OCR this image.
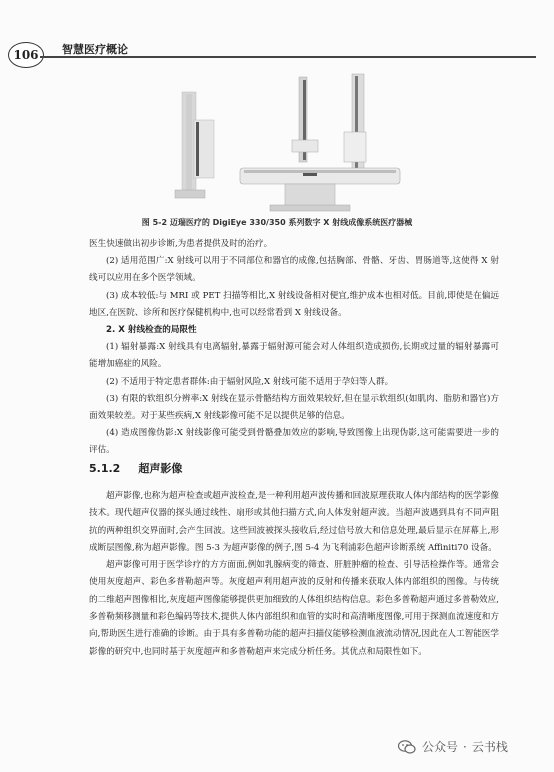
106	智慧医疗概论
图 5-2 迈瑞医疗的 DigiEye 330/350 系列数字 X 射线成像系统医疗器械

医生快速做出初步诊断,为患者提供及时的治疗。

(2) 适用范围广:X 射线可以用于不同部位和器官的成像,包括胸部、骨骼、牙齿、胃肠道等,这使得 X 射线可以应用在多个医学领域。

(3) 成本较低:与 MRI 或 PET 扫描等相比,X 射线设备相对便宜,维护成本也相对低。目前,即使是在偏远地区,在医院、诊所和医疗保健机构中,也可以经常看到 X 射线设备。

2. X 射线检查的局限性

(1) 辐射暴露:X 射线具有电离辐射,暴露于辐射源可能会对人体组织造成损伤,长期或过量的辐射暴露可能增加癌症的风险。

(2) 不适用于特定患者群体:由于辐射风险,X 射线可能不适用于孕妇等人群。

(3) 有限的软组织分辨率:X 射线在显示骨骼结构方面效果较好,但在显示软组织(如肌肉、脂肪和器官)方面效果较差。对于某些疾病,X 射线影像可能不足以提供足够的信息。

(4) 造成图像伪影:X 射线影像可能受到骨骼叠加效应的影响,导致图像上出现伪影,这可能需要进一步的评估。

5.1.2 超声影像

超声影像,也称为超声检查或超声波检查,是一种利用超声波传播和回波原理获取人体内部结构的医学影像技术。现代超声仪器的探头通过线性、扇形或其他扫描方式,向人体发射超声波。当超声波遇到具有不同声阻抗的两种组织交界面时,会产生回波。这些回波被探头接收后,经过信号放大和信息处理,最后显示在屏幕上,形成断层图像,称为超声影像。图 5-3 为超声影像的例子,图 5-4 为飞利浦彩色超声诊断系统 Affiniti70 设备。

超声影像可用于医学诊疗的方方面面,例如乳腺病变的筛查、肝脏肿瘤的检查、引导活检操作等。通常会使用灰度超声、彩色多普勒超声等。灰度超声利用超声波的反射和传播来获取人体内部组织的图像。与传统的二维超声图像相比,灰度超声图像能够提供更加细致的人体组织结构信息。彩色多普勒超声通过多普勒效应,多普勒频移测量和彩色编码等技术,提供人体内部组织和血管的实时和高清晰度图像,可用于探测血流速度和方向,帮助医生进行准确的诊断。由于具有多普勒功能的超声扫描仪能够检测血液流动情况,因此在人工智能医学影像的研究中,也同时基于灰度超声和多普勒超声来完成分析任务。其优点和局限性如下。

公众号 · 云书栈
